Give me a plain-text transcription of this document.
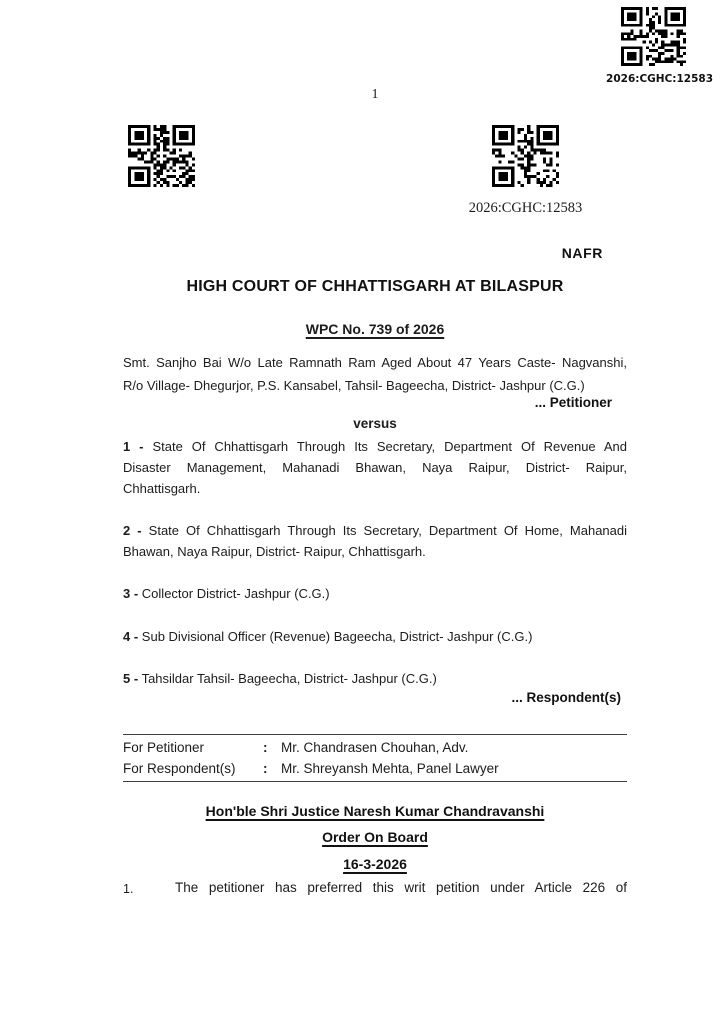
1
2026:CGHC:12583
2026:CGHC:12583
NAFR
HIGH COURT OF CHHATTISGARH AT BILASPUR
WPC No. 739 of 2026
Smt. Sanjho Bai W/o Late Ramnath Ram Aged About 47 Years Caste- Nagvanshi,
R/o Village- Dhegurjor, P.S. Kansabel, Tahsil- Bageecha, District- Jashpur (C.G.)
... Petitioner
versus
1 - State Of Chhattisgarh Through Its Secretary, Department Of Revenue And
Disaster Management, Mahanadi Bhawan, Naya Raipur, District- Raipur,
Chhattisgarh.
2 - State Of Chhattisgarh Through Its Secretary, Department Of Home, Mahanadi
Bhawan, Naya Raipur, District- Raipur, Chhattisgarh.
3 - Collector District- Jashpur (C.G.)
4 - Sub Divisional Officer (Revenue) Bageecha, District- Jashpur (C.G.)
5 - Tahsildar Tahsil- Bageecha, District- Jashpur (C.G.)
... Respondent(s)
For Petitioner	:	Mr. Chandrasen Chouhan, Adv.
For Respondent(s)	:	Mr. Shreyansh Mehta, Panel Lawyer
Hon'ble Shri Justice Naresh Kumar Chandravanshi
Order On Board
16-3-2026
1.	The petitioner has preferred this writ petition under Article 226 of
